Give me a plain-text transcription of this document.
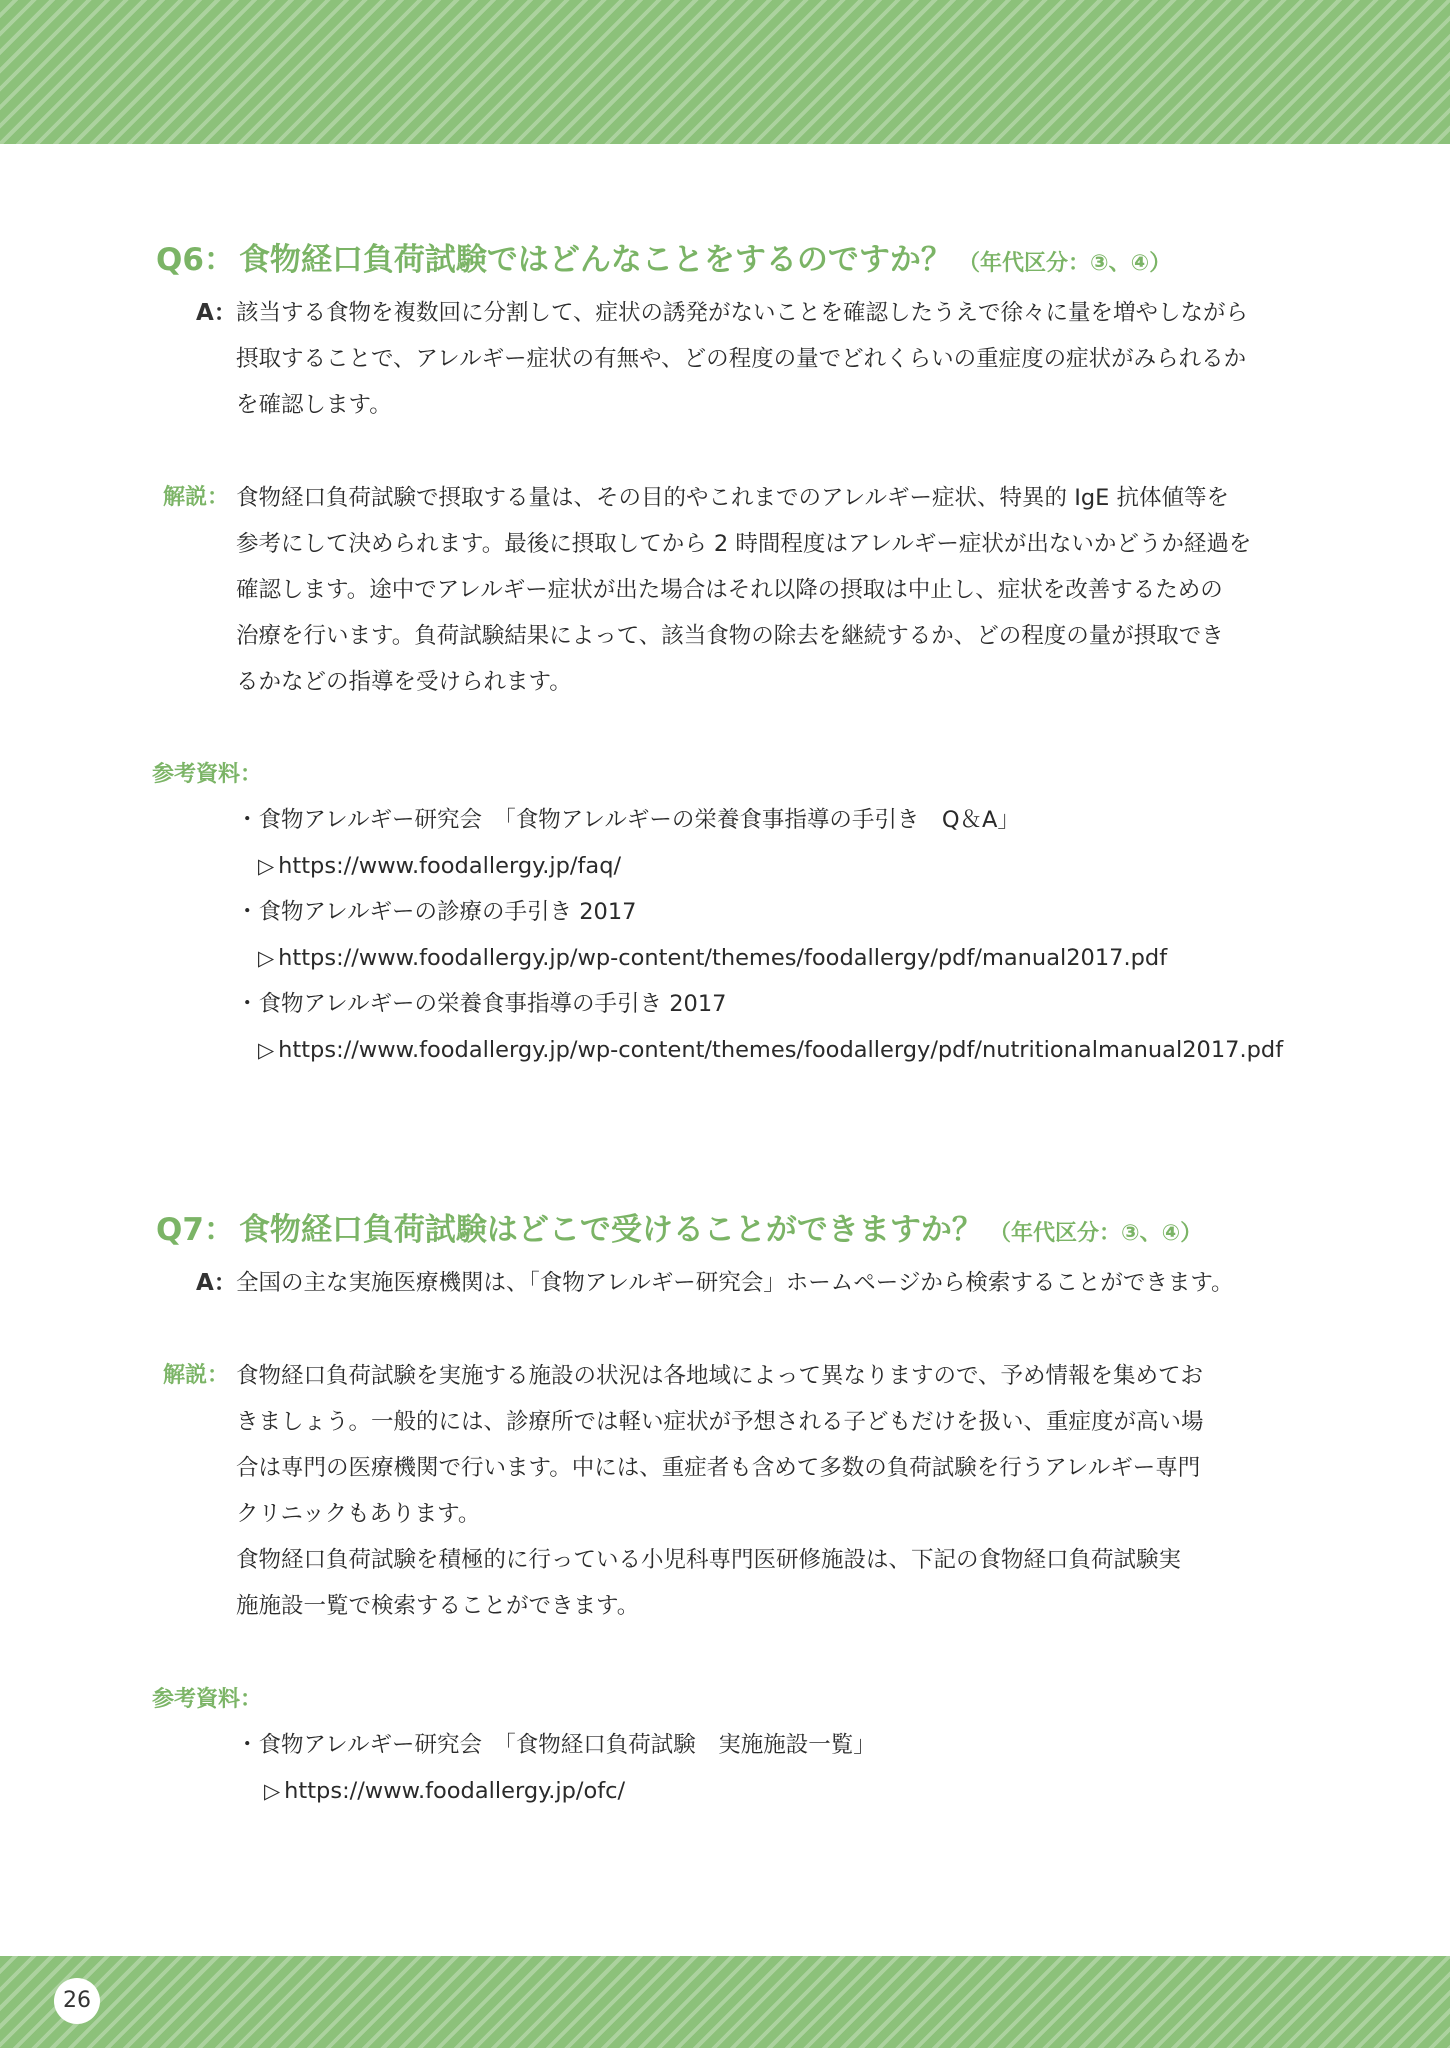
Q6： 食物経口負荷試験ではどんなことをするのですか？ （年代区分：③、④）
A： 該当する食物を複数回に分割して、症状の誘発がないことを確認したうえで徐々に量を増やしながら
摂取することで、アレルギー症状の有無や、どの程度の量でどれくらいの重症度の症状がみられるか
を確認します。
解説： 食物経口負荷試験で摂取する量は、その目的やこれまでのアレルギー症状、特異的 IgE 抗体値等を
参考にして決められます。最後に摂取してから 2 時間程度はアレルギー症状が出ないかどうか経過を
確認します。途中でアレルギー症状が出た場合はそれ以降の摂取は中止し、症状を改善するための
治療を行います。負荷試験結果によって、該当食物の除去を継続するか、どの程度の量が摂取でき
るかなどの指導を受けられます。
参考資料：
・食物アレルギー研究会　「食物アレルギーの栄養食事指導の手引き　Q＆A」
▷ https://www.foodallergy.jp/faq/
・食物アレルギーの診療の手引き 2017
▷ https://www.foodallergy.jp/wp-content/themes/foodallergy/pdf/manual2017.pdf
・食物アレルギーの栄養食事指導の手引き 2017
▷ https://www.foodallergy.jp/wp-content/themes/foodallergy/pdf/nutritionalmanual2017.pdf
Q7： 食物経口負荷試験はどこで受けることができますか？ （年代区分：③、④）
A： 全国の主な実施医療機関は、「食物アレルギー研究会」ホームページから検索することができます。
解説： 食物経口負荷試験を実施する施設の状況は各地域によって異なりますので、予め情報を集めてお
きましょう。一般的には、診療所では軽い症状が予想される子どもだけを扱い、重症度が高い場
合は専門の医療機関で行います。中には、重症者も含めて多数の負荷試験を行うアレルギー専門
クリニックもあります。
食物経口負荷試験を積極的に行っている小児科専門医研修施設は、下記の食物経口負荷試験実
施施設一覧で検索することができます。
参考資料：
・食物アレルギー研究会　「食物経口負荷試験　実施施設一覧」
▷ https://www.foodallergy.jp/ofc/
26
